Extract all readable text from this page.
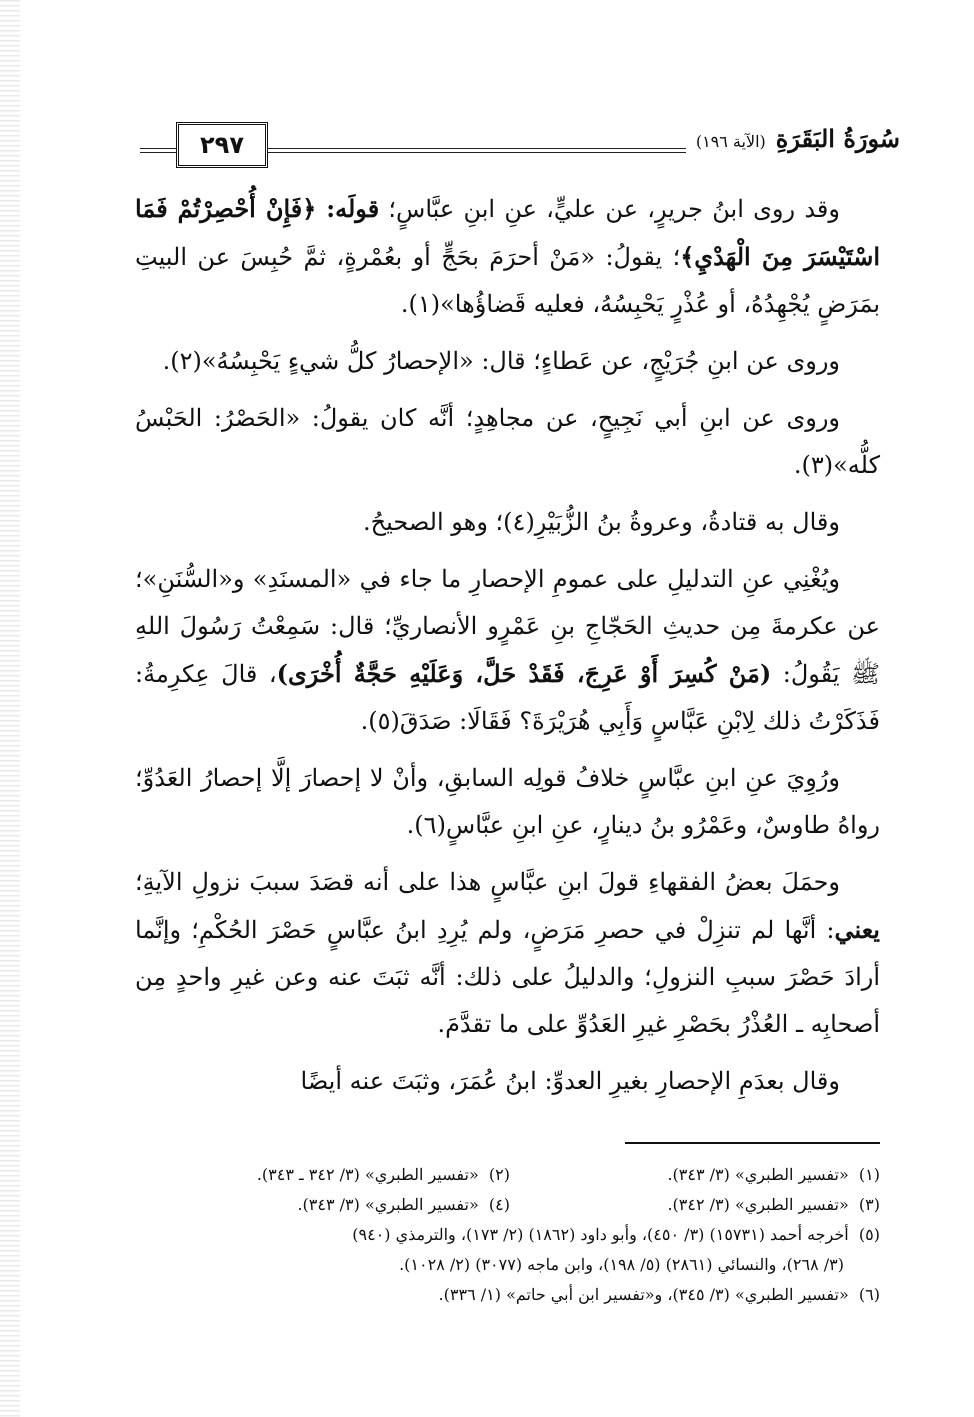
٢٩٧	سُورَةُ البَقَرَةِ
(الآية ١٩٦)

وقد روى ابنُ جريرٍ، عن عليٍّ، عنِ ابنِ عبَّاسٍ؛ قولَه: ﴿فَإِنْ أُحْصِرْتُمْ فَمَا اسْتَيْسَرَ مِنَ الْهَدْيِ﴾؛ يقولُ: «مَنْ أحرَمَ بحَجٍّ أو بعُمْرةٍ، ثمَّ حُبِسَ عن البيتِ بمَرَضٍ يُجْهِدُهُ، أو عُذْرٍ يَحْبِسُهُ، فعليه قَضاؤُها»(١).

وروى عن ابنِ جُرَيْجٍ، عن عَطاءٍ؛ قال: «الإحصارُ كلُّ شيءٍ يَحْبِسُهُ»(٢).

وروى عن ابنِ أبي نَجِيحٍ، عن مجاهِدٍ؛ أنَّه كان يقولُ: «الحَصْرُ: الحَبْسُ كلُّه»(٣).

وقال به قتادةُ، وعروةُ بنُ الزُّبَيْرِ(٤)؛ وهو الصحيحُ.

ويُغْنِي عنِ التدليلِ على عمومِ الإحصارِ ما جاء في «المسنَدِ» و«السُّنَنِ»؛ عن عكرمةَ مِن حديثِ الحَجّاجِ بنِ عَمْرٍو الأنصاريِّ؛ قال: سَمِعْتُ رَسُولَ اللهِ ﷺ يَقُولُ: (مَنْ كُسِرَ أَوْ عَرِجَ، فَقَدْ حَلَّ، وَعَلَيْهِ حَجَّةٌ أُخْرَى)، قالَ عِكرِمةُ: فَذَكَرْتُ ذلك لِابْنِ عَبَّاسٍ وَأَبِي هُرَيْرَةَ؟ فَقَالَا: صَدَقَ(٥).

ورُوِيَ عنِ ابنِ عبَّاسٍ خلافُ قولِه السابقِ، وأنْ لا إحصارَ إلَّا إحصارُ العَدُوِّ؛ رواهُ طاوسٌ، وعَمْرُو بنُ دينارٍ، عنِ ابنِ عبَّاسٍ(٦).

وحمَلَ بعضُ الفقهاءِ قولَ ابنِ عبَّاسٍ هذا على أنه قصَدَ سببَ نزولِ الآيةِ؛ يعني: أنَّها لم تنزِلْ في حصرِ مَرَضٍ، ولم يُرِدِ ابنُ عبَّاسٍ حَصْرَ الحُكْمِ؛ وإنَّما أرادَ حَصْرَ سببِ النزولِ؛ والدليلُ على ذلك: أنَّه ثبَتَ عنه وعن غيرِ واحدٍ مِن أصحابِه ـ العُذْرُ بحَصْرِ غيرِ العَدُوِّ على ما تقدَّمَ.

وقال بعدَمِ الإحصارِ بغيرِ العدوِّ: ابنُ عُمَرَ، وثبَتَ عنه أيضًا

(١)  «تفسير الطبري» (٣/ ٣٤٣).
(٢)  «تفسير الطبري» (٣/ ٣٤٢ ـ ٣٤٣).
(٣)  «تفسير الطبري» (٣/ ٣٤٢).
(٤)  «تفسير الطبري» (٣/ ٣٤٣).
(٥)  أخرجه أحمد (١٥٧٣١) (٣/ ٤٥٠)، وأبو داود (١٨٦٢) (٢/ ١٧٣)، والترمذي (٩٤٠)
(٣/ ٢٦٨)، والنسائي (٢٨٦١) (٥/ ١٩٨)، وابن ماجه (٣٠٧٧) (٢/ ١٠٢٨).
(٦)  «تفسير الطبري» (٣/ ٣٤٥)، و«تفسير ابن أبي حاتم» (١/ ٣٣٦).
